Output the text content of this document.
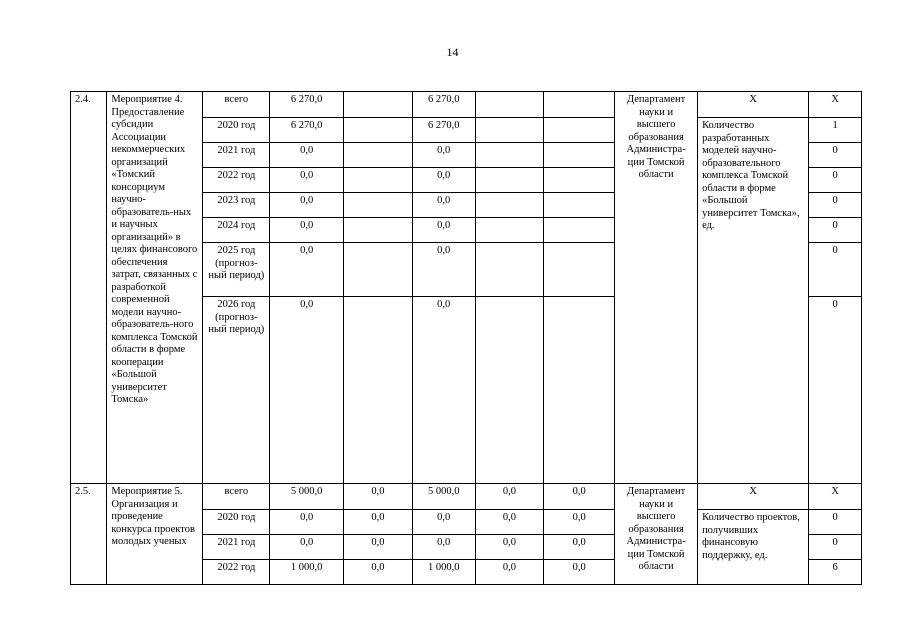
14
2.4.	Мероприятие 4. Предоставление субсидии Ассоциации некоммерческих организаций «Томский консорциум научно-образователь-ных и научных организаций» в целях финансового обеспечения затрат, связанных с разработкой современной модели научно-образователь-ного комплекса Томской области в форме кооперации «Большой университет Томска»	всего	6 270,0		6 270,0			Департамент науки и высшего образования Администра-ции Томской области	Х	Х
		2020 год	6 270,0		6 270,0				Количество разработанных моделей научно-образовательного комплекса Томской области в форме «Большой университет Томска», ед.	1
		2021 год	0,0		0,0					0
		2022 год	0,0		0,0					0
		2023 год	0,0		0,0					0
		2024 год	0,0		0,0					0
		2025 год (прогноз-ный период)	0,0		0,0					0
		2026 год (прогноз-ный период)	0,0		0,0					0
2.5.	Мероприятие 5. Организация и проведение конкурса проектов молодых ученых	всего	5 000,0	0,0	5 000,0	0,0	0,0	Департамент науки и высшего образования Администра-ции Томской области	Х	Х
		2020 год	0,0	0,0	0,0	0,0	0,0		Количество проектов, получивших финансовую поддержку, ед.	0
		2021 год	0,0	0,0	0,0	0,0	0,0			0
		2022 год	1 000,0	0,0	1 000,0	0,0	0,0			6
